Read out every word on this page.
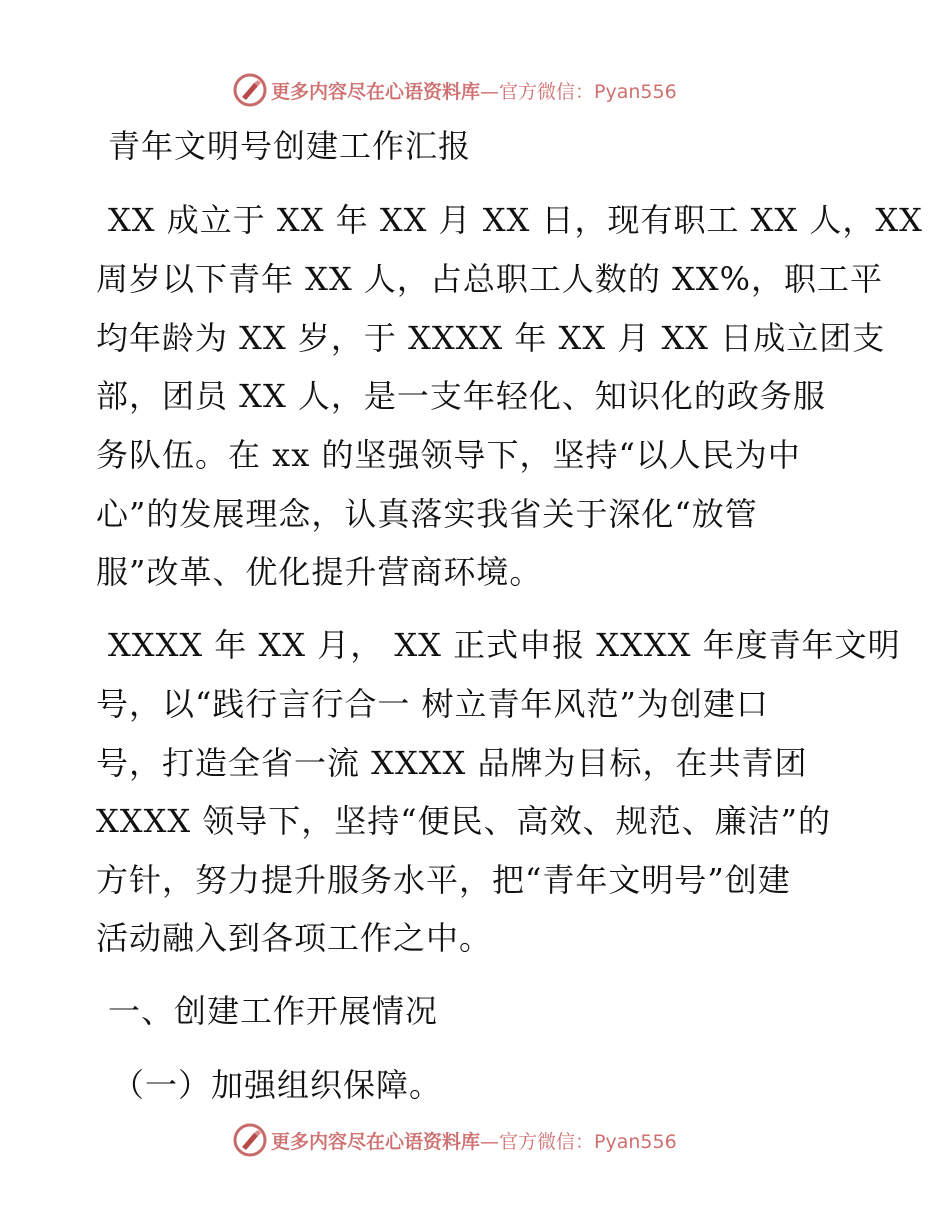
更多内容尽在心语资料库—官方微信：Pyan556
青年文明号创建工作汇报
XX 成立于 XX 年 XX 月 XX 日，现有职工 XX 人，XX
周岁以下青年 XX 人，占总职工人数的 XX%，职工平
均年龄为 XX 岁，于 XXXX 年 XX 月 XX 日成立团支
部，团员 XX 人，是一支年轻化、知识化的政务服
务队伍。在 xx 的坚强领导下，坚持“以人民为中
心”的发展理念，认真落实我省关于深化“放管
服”改革、优化提升营商环境。
XXXX 年 XX 月， XX 正式申报 XXXX 年度青年文明
号，以“践行言行合一 树立青年风范”为创建口
号，打造全省一流 XXXX 品牌为目标，在共青团
XXXX 领导下，坚持“便民、高效、规范、廉洁”的
方针，努力提升服务水平，把“青年文明号”创建
活动融入到各项工作之中。
一、创建工作开展情况
（一）加强组织保障。
更多内容尽在心语资料库—官方微信：Pyan556
